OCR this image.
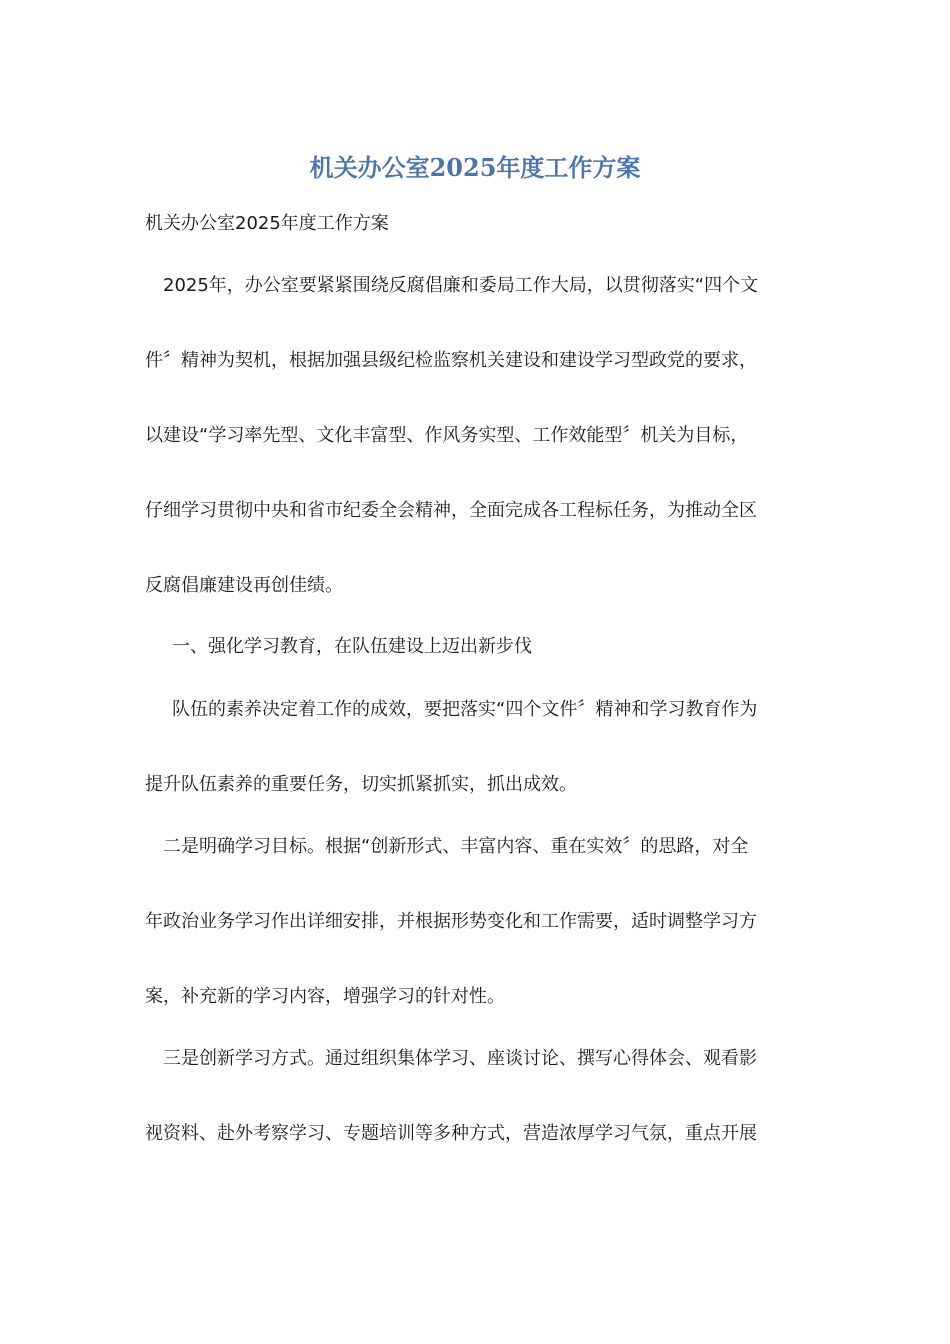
机关办公室2025年度工作方案

机关办公室2025年度工作方案

2025年，办公室要紧紧围绕反腐倡廉和委局工作大局，以贯彻落实“四个文

件〞精神为契机，根据加强县级纪检监察机关建设和建设学习型政党的要求，

以建设“学习率先型、文化丰富型、作风务实型、工作效能型〞机关为目标，

仔细学习贯彻中央和省市纪委全会精神，全面完成各工程标任务，为推动全区

反腐倡廉建设再创佳绩。

一、强化学习教育，在队伍建设上迈出新步伐

队伍的素养决定着工作的成效，要把落实“四个文件〞精神和学习教育作为

提升队伍素养的重要任务，切实抓紧抓实，抓出成效。

二是明确学习目标。根据“创新形式、丰富内容、重在实效〞的思路，对全

年政治业务学习作出详细安排，并根据形势变化和工作需要，适时调整学习方

案，补充新的学习内容，增强学习的针对性。

三是创新学习方式。通过组织集体学习、座谈讨论、撰写心得体会、观看影

视资料、赴外考察学习、专题培训等多种方式，营造浓厚学习气氛，重点开展
